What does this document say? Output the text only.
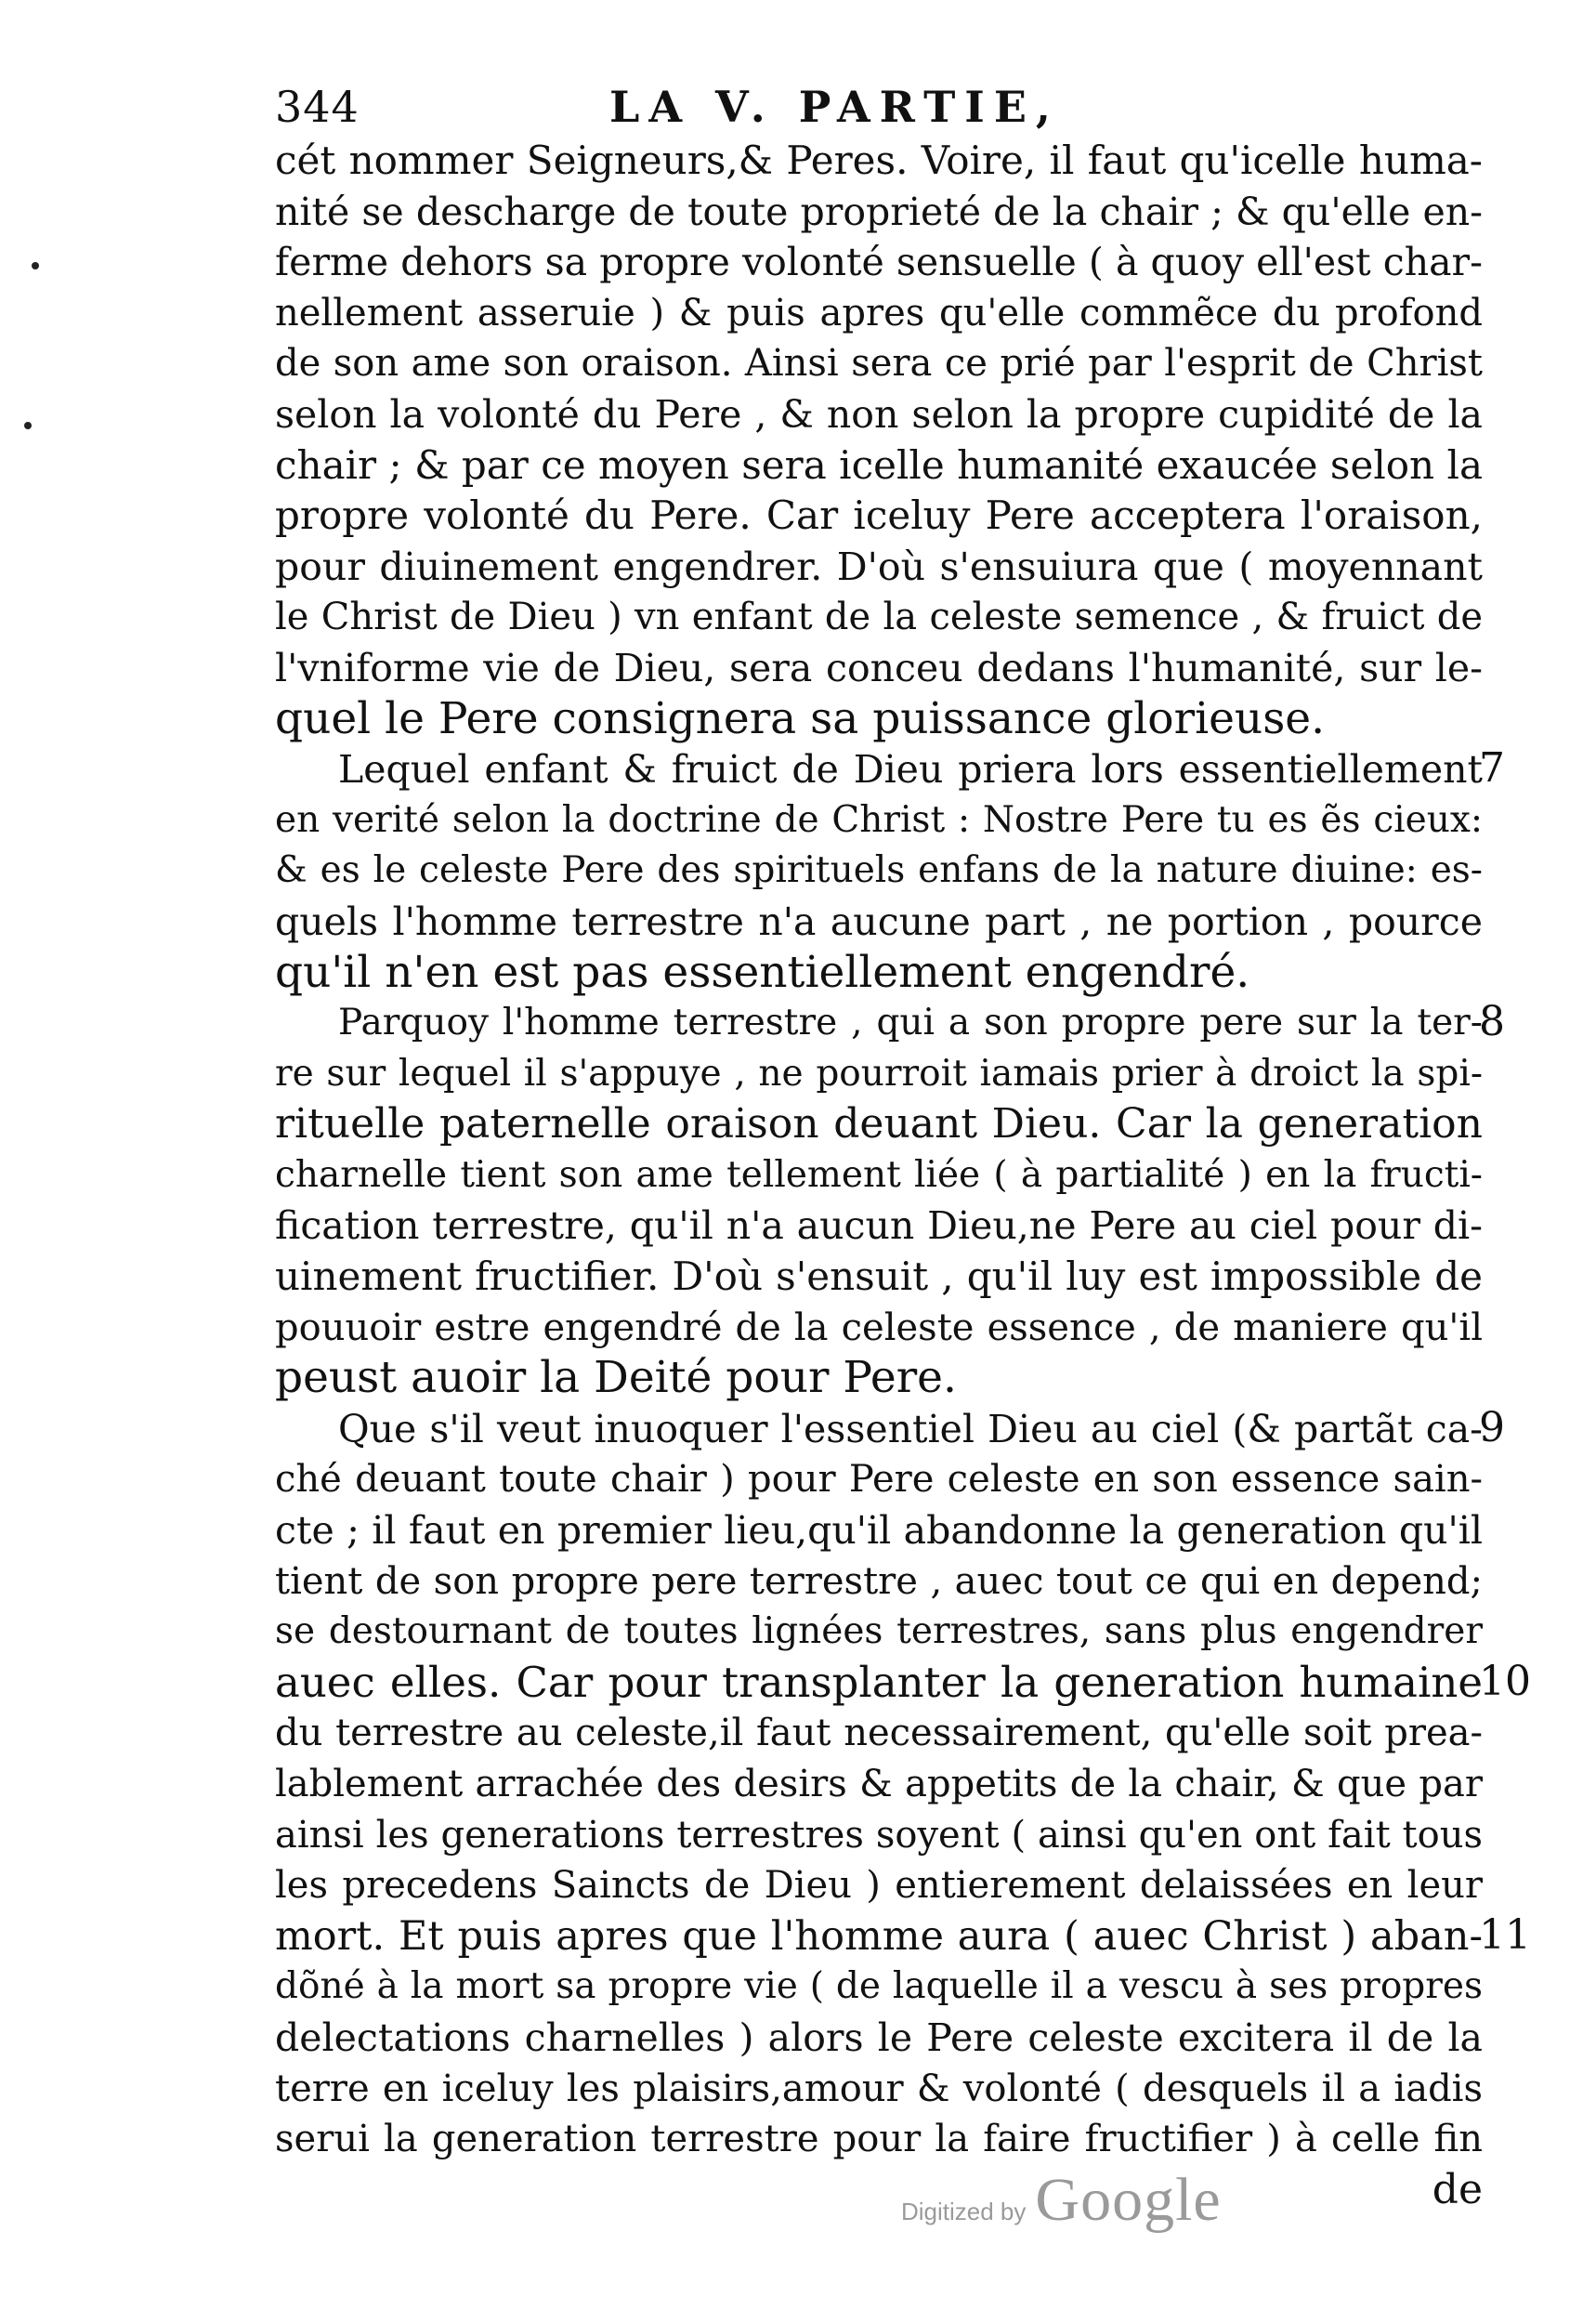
344	LA V. PARTIE,
cét nommer Seigneurs,& Peres. Voire, il faut qu'icelle huma-
nité se descharge de toute proprieté de la chair ; & qu'elle en-
ferme dehors sa propre volonté sensuelle ( à quoy ell'est char-
nellement asseruie ) & puis apres qu'elle commẽce du profond
de son ame son oraison. Ainsi sera ce prié par l'esprit de Christ
selon la volonté du Pere , & non selon la propre cupidité de la
chair ; & par ce moyen sera icelle humanité exaucée selon la
propre volonté du Pere. Car iceluy Pere acceptera l'oraison,
pour diuinement engendrer. D'où s'ensuiura que ( moyennant
le Christ de Dieu ) vn enfant de la celeste semence , & fruict de
l'vniforme vie de Dieu, sera conceu dedans l'humanité, sur le-
quel le Pere consignera sa puissance glorieuse.
7
Lequel enfant & fruict de Dieu priera lors essentiellement
en verité selon la doctrine de Christ : Nostre Pere tu es ẽs cieux:
& es le celeste Pere des spirituels enfans de la nature diuine: es-
quels l'homme terrestre n'a aucune part , ne portion , pource
qu'il n'en est pas essentiellement engendré.
8
Parquoy l'homme terrestre , qui a son propre pere sur la ter-
re sur lequel il s'appuye , ne pourroit iamais prier à droict la spi-
rituelle paternelle oraison deuant Dieu. Car la generation
charnelle tient son ame tellement liée ( à partialité ) en la fructi-
fication terrestre, qu'il n'a aucun Dieu,ne Pere au ciel pour di-
uinement fructifier. D'où s'ensuit , qu'il luy est impossible de
pouuoir estre engendré de la celeste essence , de maniere qu'il
peust auoir la Deité pour Pere.
9
10
11
Que s'il veut inuoquer l'essentiel Dieu au ciel (& partãt ca-
ché deuant toute chair ) pour Pere celeste en son essence sain-
cte ; il faut en premier lieu,qu'il abandonne la generation qu'il
tient de son propre pere terrestre , auec tout ce qui en depend;
se destournant de toutes lignées terrestres, sans plus engendrer
auec elles. Car pour transplanter la generation humaine
du terrestre au celeste,il faut necessairement, qu'elle soit prea-
lablement arrachée des desirs & appetits de la chair, & que par
ainsi les generations terrestres soyent ( ainsi qu'en ont fait tous
les precedens Saincts de Dieu ) entierement delaissées en leur
mort. Et puis apres que l'homme aura ( auec Christ ) aban-
dõné à la mort sa propre vie ( de laquelle il a vescu à ses propres
delectations charnelles ) alors le Pere celeste excitera il de la
terre en iceluy les plaisirs,amour & volonté ( desquels il a iadis
serui la generation terrestre pour la faire fructifier ) à celle fin
de
Digitized by Google
